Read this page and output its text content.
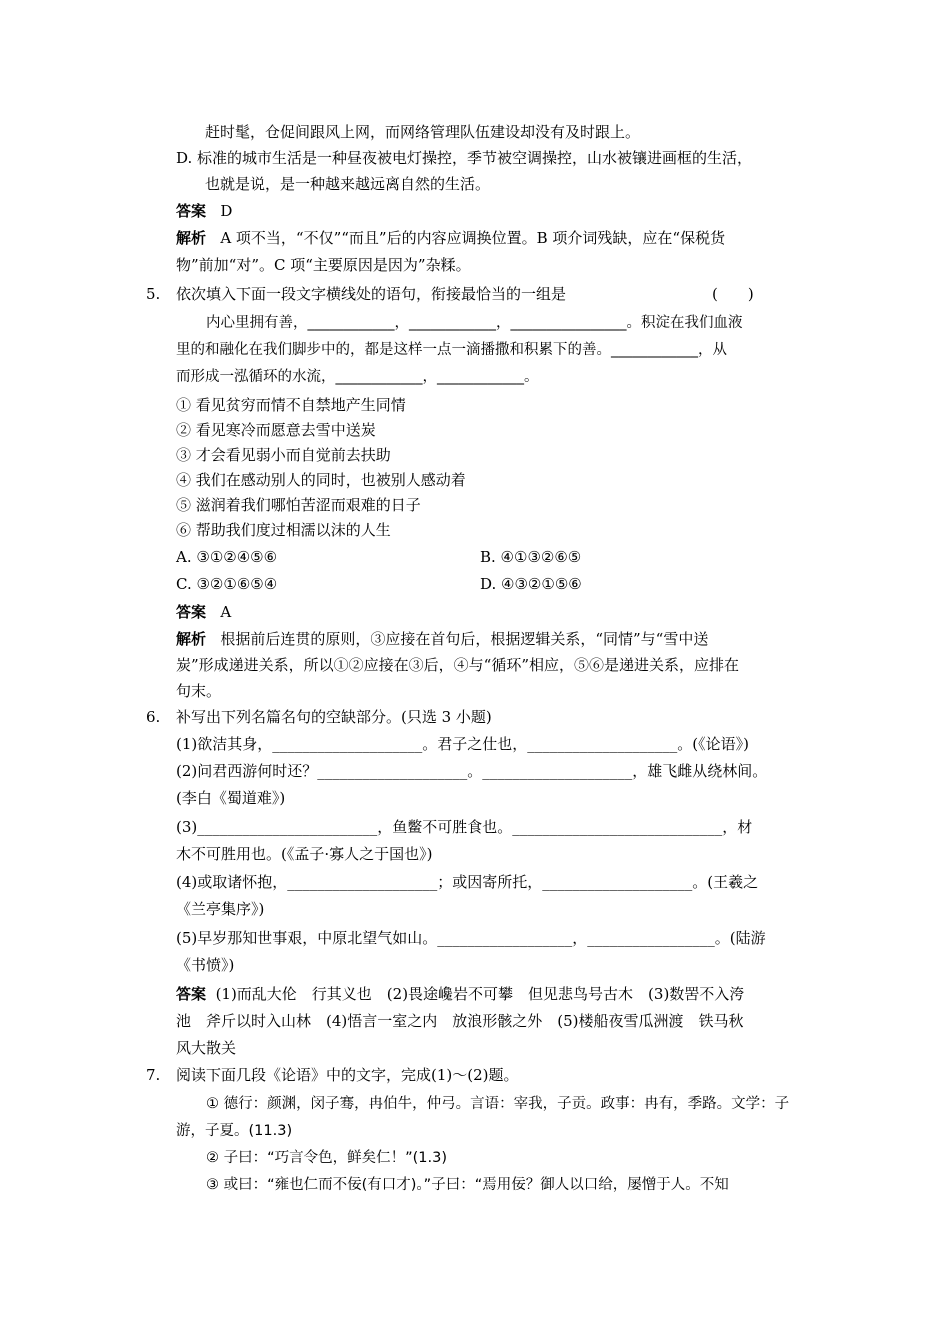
赶时髦，仓促间跟风上网，而网络管理队伍建设却没有及时跟上。
D. 标准的城市生活是一种昼夜被电灯操控，季节被空调操控，山水被镶进画框的生活，
也就是说，是一种越来越远离自然的生活。
答案 D
解析 A 项不当，“不仅”“而且”后的内容应调换位置。B 项介词残缺，应在“保税货
物”前加“对”。C 项“主要原因是因为”杂糅。
5. 依次填入下面一段文字横线处的语句，衔接最恰当的一组是	(　　)
内心里拥有善，____________，____________，________________。积淀在我们血液
里的和融化在我们脚步中的，都是这样一点一滴播撒和积累下的善。____________，从
而形成一泓循环的水流，____________，____________。
① 看见贫穷而情不自禁地产生同情
② 看见寒冷而愿意去雪中送炭
③ 才会看见弱小而自觉前去扶助
④ 我们在感动别人的同时，也被别人感动着
⑤ 滋润着我们哪怕苦涩而艰难的日子
⑥ 帮助我们度过相濡以沫的人生
A. ③①②④⑤⑥	B. ④①③②⑥⑤
C. ③②①⑥⑤④	D. ④③②①⑤⑥
答案 A
解析 根据前后连贯的原则，③应接在首句后，根据逻辑关系，“同情”与“雪中送
炭”形成递进关系，所以①②应接在③后，④与“循环”相应，⑤⑥是递进关系，应排在
句末。
6. 补写出下列名篇名句的空缺部分。(只选 3 小题)
(1)欲洁其身，____________________。君子之仕也，____________________。(《论语》)
(2)问君西游何时还？____________________。____________________，雄飞雌从绕林间。
(李白《蜀道难》)
(3)________________________，鱼鳖不可胜食也。____________________________，材
木不可胜用也。(《孟子·寡人之于国也》)
(4)或取诸怀抱，____________________；或因寄所托，____________________。(王羲之
《兰亭集序》)
(5)早岁那知世事艰，中原北望气如山。__________________，_________________。(陆游
《书愤》)
答案 (1)而乱大伦　行其义也　(2)畏途巉岩不可攀　但见悲鸟号古木　(3)数罟不入洿
池　斧斤以时入山林　(4)悟言一室之内　放浪形骸之外　(5)楼船夜雪瓜洲渡　铁马秋
风大散关
7. 阅读下面几段《论语》中的文字，完成(1)～(2)题。
① 德行：颜渊，闵子骞，冉伯牛，仲弓。言语：宰我，子贡。政事：冉有，季路。文学：子
游，子夏。(11.3)
② 子曰：“巧言令色，鲜矣仁！”(1.3)
③ 或曰：“雍也仁而不佞(有口才)。”子曰：“焉用佞？御人以口给，屡憎于人。不知
